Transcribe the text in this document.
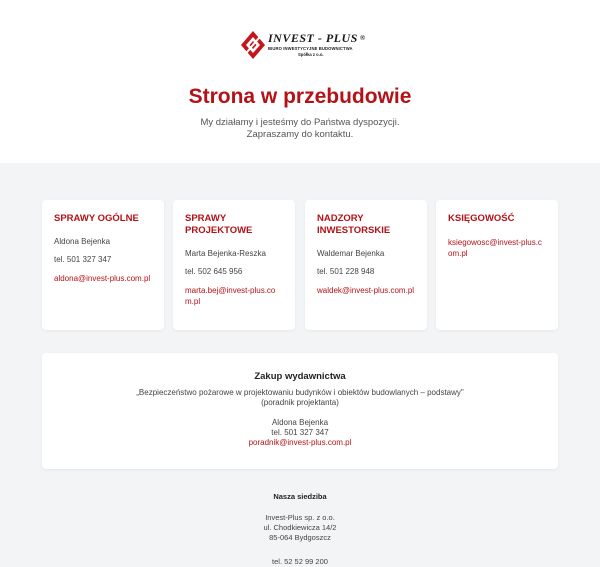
INVEST - PLUS ®
BIURO INWESTYCYJNE BUDOWNICTWA
Spółka z o.o.
Strona w przebudowie
My działamy i jesteśmy do Państwa dyspozycji.
Zapraszamy do kontaktu.
SPRAWY OGÓLNE
Aldona Bejenka
tel. 501 327 347
aldona@invest-plus.com.pl
SPRAWY PROJEKTOWE
Marta Bejenka-Reszka
tel. 502 645 956
marta.bej@invest-plus.com.pl
NADZORY INWESTORSKIE
Waldemar Bejenka
tel. 501 228 948
waldek@invest-plus.com.pl
KSIĘGOWOŚĆ
ksiegowosc@invest-plus.com.pl
Zakup wydawnictwa
„Bezpieczeństwo pożarowe w projektowaniu budynków i obiektów budowlanych – podstawy"
(poradnik projektanta)
Aldona Bejenka
tel. 501 327 347
poradnik@invest-plus.com.pl
Nasza siedziba
Invest-Plus sp. z o.o.
ul. Chodkiewicza 14/2
85-064 Bydgoszcz
tel. 52 52 99 200
